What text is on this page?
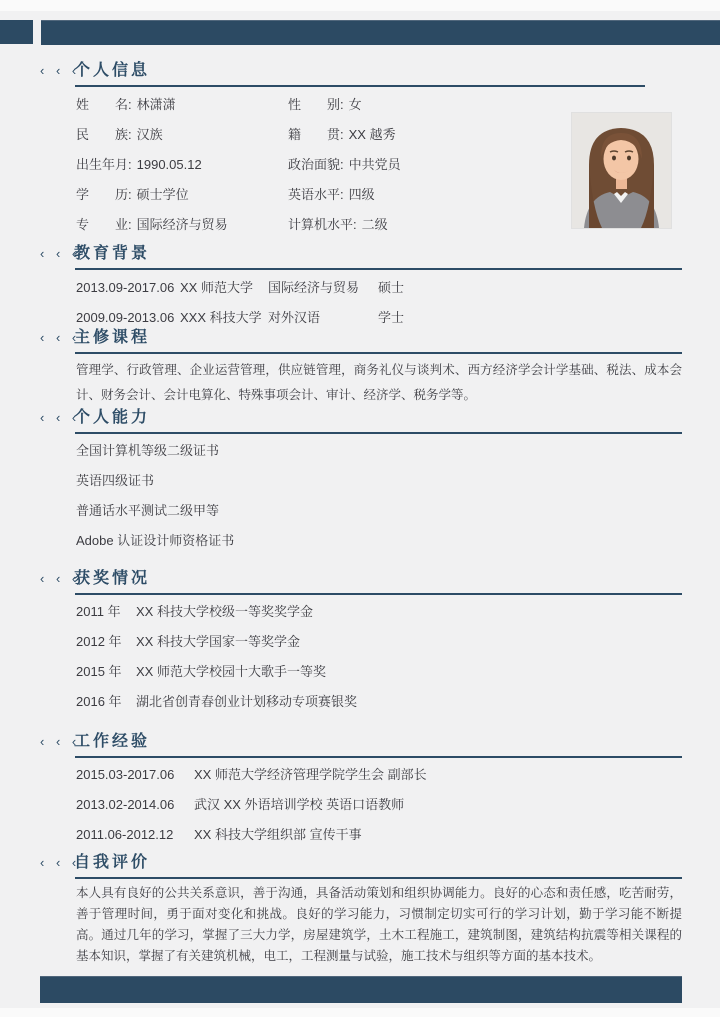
‹ ‹ ‹
个人信息
姓　　名: 林潇潇	性　　别: 女
民　　族: 汉族	籍　　贯: XX 越秀
出生年月: 1990.05.12	政治面貌: 中共党员
学　　历: 硕士学位	英语水平: 四级
专　　业: 国际经济与贸易	计算机水平: 二级
‹ ‹ ‹
教育背景
2013.09-2017.06 XX 师范大学	国际经济与贸易	硕士
2009.09-2013.06 XXX 科技大学 对外汉语	学士
‹ ‹ ‹
主修课程

管理学、行政管理、企业运营管理，供应链管理，商务礼仪与谈判术、西方经济学会计学基础、税法、成本会计、财务会计、会计电算化、特殊事项会计、审计、经济学、税务学等。

‹ ‹ ‹
个人能力
全国计算机等级二级证书
英语四级证书
普通话水平测试二级甲等
Adobe 认证设计师资格证书
‹ ‹ ‹
获奖情况
2011 年	XX 科技大学校级一等奖奖学金
2012 年	XX 科技大学国家一等奖学金
2015 年	XX 师范大学校园十大歌手一等奖
2016 年	湖北省创青春创业计划移动专项赛银奖
‹ ‹ ‹
工作经验
2015.03-2017.06	XX 师范大学经济管理学院学生会 副部长
2013.02-2014.06	武汉 XX 外语培训学校 英语口语教师
2011.06-2012.12	XX 科技大学组织部 宣传干事
‹ ‹ ‹
自我评价

本人具有良好的公共关系意识，善于沟通，具备活动策划和组织协调能力。良好的心态和责任感，吃苦耐劳，善于管理时间，勇于面对变化和挑战。良好的学习能力，习惯制定切实可行的学习计划，勤于学习能不断提高。通过几年的学习，掌握了三大力学，房屋建筑学，土木工程施工，建筑制图，建筑结构抗震等相关课程的基本知识，掌握了有关建筑机械，电工，工程测量与试验，施工技术与组织等方面的基本技术。
